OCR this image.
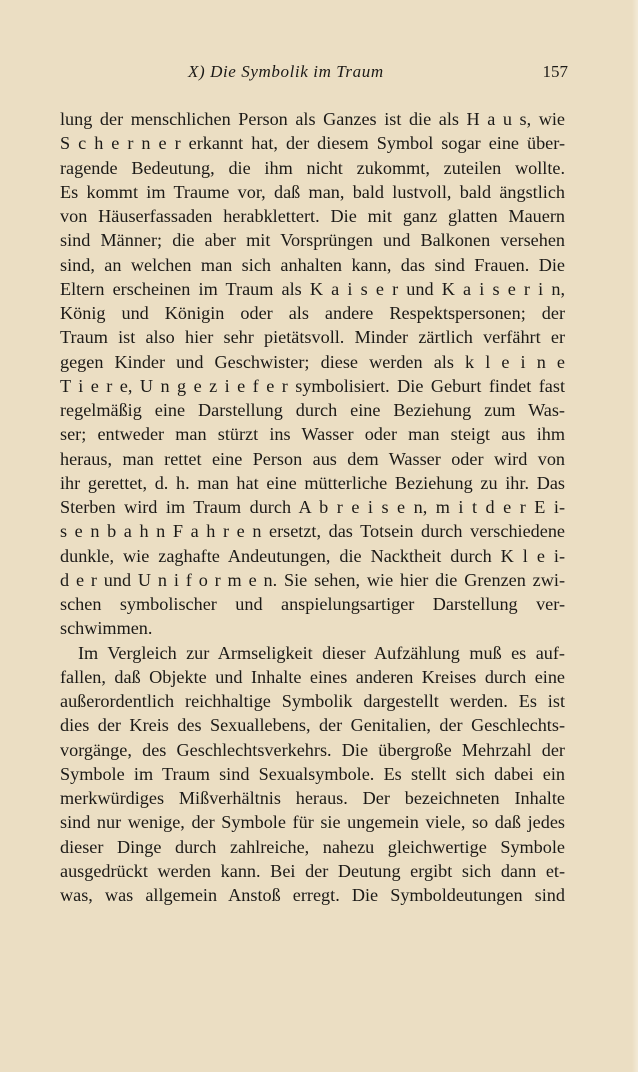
X) Die Symbolik im Traum	157
lung der menschlichen Person als Ganzes ist die als H a u s, wie
S c h e r n e r erkannt hat, der diesem Symbol sogar eine über-
ragende Bedeutung, die ihm nicht zukommt, zuteilen wollte.
Es kommt im Traume vor, daß man, bald lustvoll, bald ängstlich
von Häuserfassaden herabklettert. Die mit ganz glatten Mauern
sind Männer; die aber mit Vorsprüngen und Balkonen versehen
sind, an welchen man sich anhalten kann, das sind Frauen. Die
Eltern erscheinen im Traum als K a i s e r und K a i s e r i n,
König und Königin oder als andere Respektspersonen; der
Traum ist also hier sehr pietätsvoll. Minder zärtlich verfährt er
gegen Kinder und Geschwister; diese werden als k l e i n e
T i e r e, U n g e z i e f e r symbolisiert. Die Geburt findet fast
regelmäßig eine Darstellung durch eine Beziehung zum Was-
ser; entweder man stürzt ins Wasser oder man steigt aus ihm
heraus, man rettet eine Person aus dem Wasser oder wird von
ihr gerettet, d. h. man hat eine mütterliche Beziehung zu ihr. Das
Sterben wird im Traum durch A b r e i s e n, m i t d e r E i-
s e n b a h n F a h r e n ersetzt, das Totsein durch verschiedene
dunkle, wie zaghafte Andeutungen, die Nacktheit durch K l e i-
d e r und U n i f o r m e n. Sie sehen, wie hier die Grenzen zwi-
schen symbolischer und anspielungsartiger Darstellung ver-
schwimmen.
Im Vergleich zur Armseligkeit dieser Aufzählung muß es auf-
fallen, daß Objekte und Inhalte eines anderen Kreises durch eine
außerordentlich reichhaltige Symbolik dargestellt werden. Es ist
dies der Kreis des Sexuallebens, der Genitalien, der Geschlechts-
vorgänge, des Geschlechtsverkehrs. Die übergroße Mehrzahl der
Symbole im Traum sind Sexualsymbole. Es stellt sich dabei ein
merkwürdiges Mißverhältnis heraus. Der bezeichneten Inhalte
sind nur wenige, der Symbole für sie ungemein viele, so daß jedes
dieser Dinge durch zahlreiche, nahezu gleichwertige Symbole
ausgedrückt werden kann. Bei der Deutung ergibt sich dann et-
was, was allgemein Anstoß erregt. Die Symboldeutungen sind
